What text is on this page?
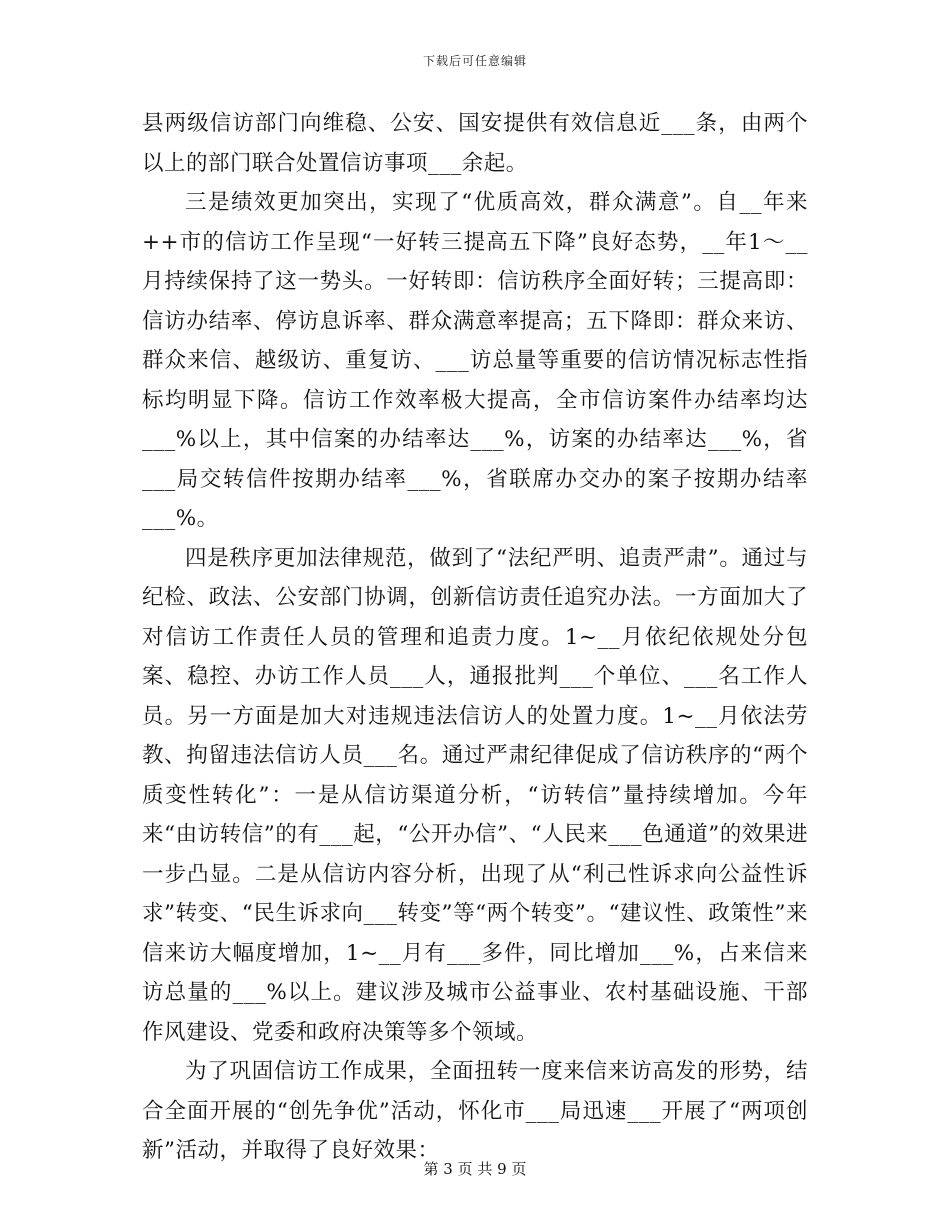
下载后可任意编辑

县两级信访部门向维稳、公安、国安提供有效信息近___条，由两个以上的部门联合处置信访事项___余起。

三是绩效更加突出，实现了“优质高效，群众满意”。自__年来++市的信访工作呈现“一好转三提高五下降”良好态势，__年1～__月持续保持了这一势头。一好转即：信访秩序全面好转；三提高即：信访办结率、停访息诉率、群众满意率提高；五下降即：群众来访、群众来信、越级访、重复访、___访总量等重要的信访情况标志性指标均明显下降。信访工作效率极大提高，全市信访案件办结率均达___%以上，其中信案的办结率达___%，访案的办结率达___%，省___局交转信件按期办结率___%，省联席办交办的案子按期办结率___%。

四是秩序更加法律规范，做到了“法纪严明、追责严肃”。通过与纪检、政法、公安部门协调，创新信访责任追究办法。一方面加大了对信访工作责任人员的管理和追责力度。1~__月依纪依规处分包案、稳控、办访工作人员___人，通报批判___个单位、___名工作人员。另一方面是加大对违规违法信访人的处置力度。1~__月依法劳教、拘留违法信访人员___名。通过严肃纪律促成了信访秩序的“两个质变性转化”：一是从信访渠道分析，“访转信”量持续增加。今年来“由访转信”的有___起，“公开办信”、“人民来___色通道”的效果进一步凸显。二是从信访内容分析，出现了从“利己性诉求向公益性诉求”转变、“民生诉求向___转变”等“两个转变”。“建议性、政策性”来信来访大幅度增加，1~__月有___多件，同比增加___%，占来信来访总量的___%以上。建议涉及城市公益事业、农村基础设施、干部作风建设、党委和政府决策等多个领域。

为了巩固信访工作成果，全面扭转一度来信来访高发的形势，结合全面开展的“创先争优”活动，怀化市___局迅速___开展了“两项创新”活动，并取得了良好效果：

第 3 页 共 9 页
